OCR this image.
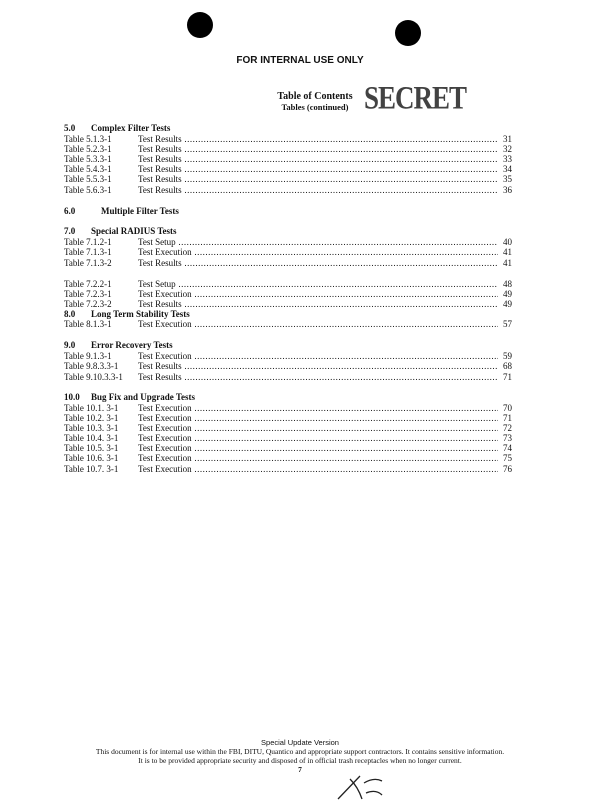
FOR INTERNAL USE ONLY
Table of Contents
Tables (continued) SECRET
5.0 Complex Filter Tests
Table 5.1.3-1	Test Results .....	31
Table 5.2.3-1	Test Results .....	32
Table 5.3.3-1	Test Results .....	33
Table 5.4.3-1	Test Results .....	34
Table 5.5.3-1	Test Results .....	35
Table 5.6.3-1	Test Results .....	36
6.0	Multiple Filter Tests
7.0 Special RADIUS Tests
Table 7.1.2-1	Test Setup .....	40
Table 7.1.3-1	Test Execution .....	41
Table 7.1.3-2	Test Results .....	41
Table 7.2.2-1	Test Setup .....	48
Table 7.2.3-1	Test Execution .....	49
Table 7.2.3-2	Test Results .....	49
8.0 Long Term Stability Tests
Table 8.1.3-1	Test Execution .....	57
9.0 Error Recovery Tests
Table 9.1.3-1	Test Execution .....	59
Table 9.8.3.3-1 Test Results .....	68
Table 9.10.3.3-1 Test Results .....	71
10.0 Bug Fix and Upgrade Tests
Table 10.1. 3-1 Test Execution .....	70
Table 10.2. 3-1 Test Execution .....	71
Table 10.3. 3-1 Test Execution .....	72
Table 10.4. 3-1 Test Execution .....	73
Table 10.5. 3-1 Test Execution .....	74
Table 10.6. 3-1 Test Execution .....	75
Table 10.7. 3-1 Test Execution .....	76
Special Update Version
This document is for internal use within the FBI, DITU, Quantico and appropriate support contractors. It contains sensitive information.
It is to be provided appropriate security and disposed of in official trash receptacles when no longer current.
7
